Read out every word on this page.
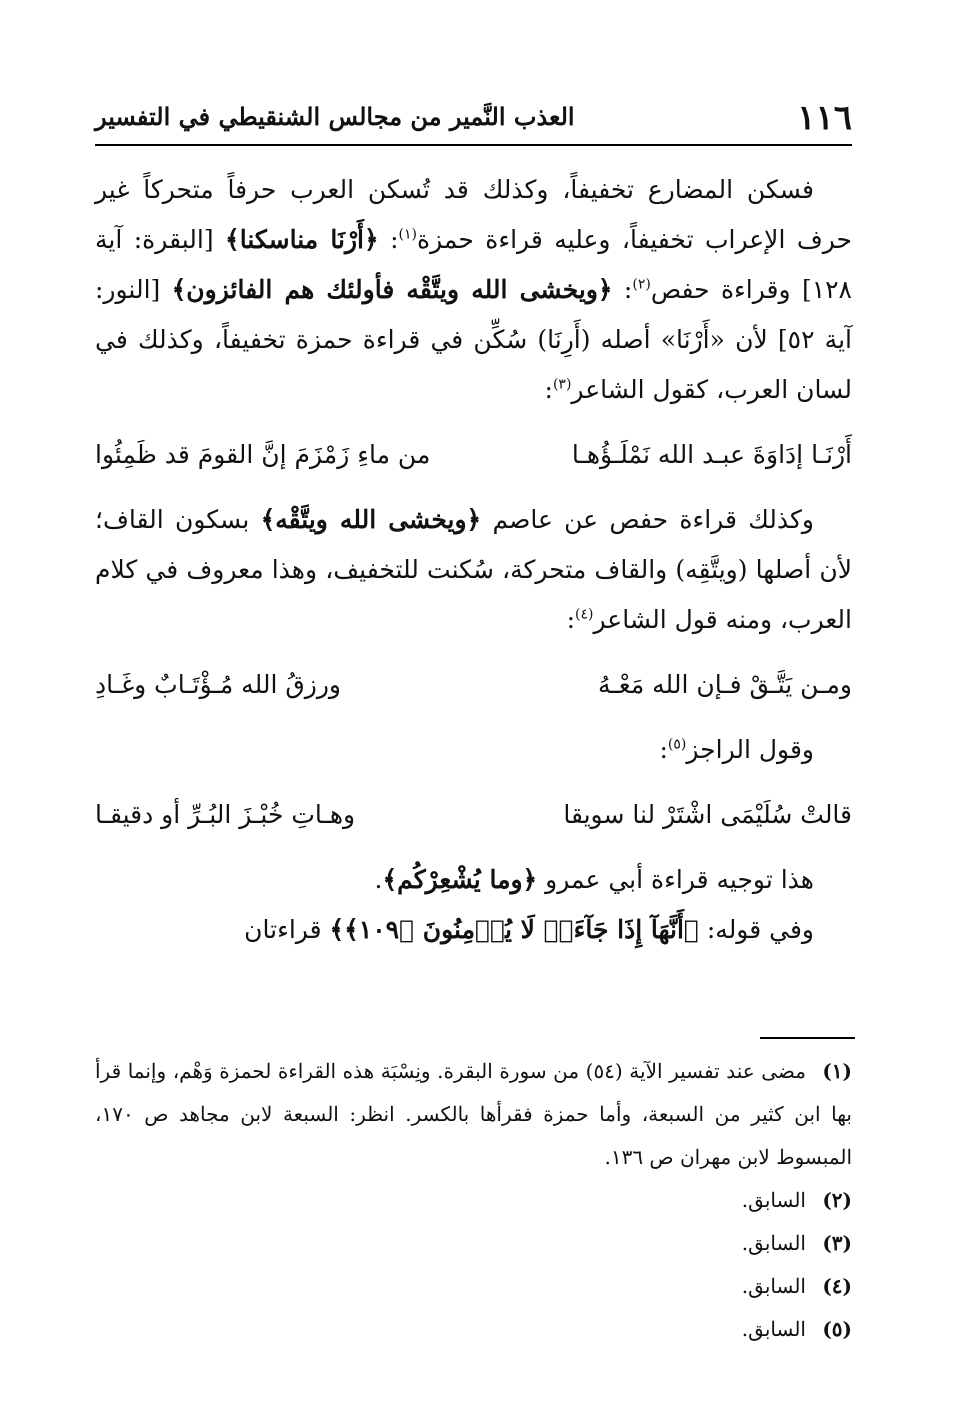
١١٦
العذب النَّمير من مجالس الشنقيطي في التفسير

فسكن المضارع تخفيفاً، وكذلك قد تُسكن العرب حرفاً متحركاً غير حرف الإعراب تخفيفاً، وعليه قراءة حمزة$^{(١)}$: ﴿أَرْنَا مناسكنا﴾ [البقرة: آية ١٢٨] وقراءة حفص$^{(٢)}$: ﴿ويخشى الله ويتَّقْه فأولئك هم الفائزون﴾ [النور: آية ٥٢] لأن «أَرْنَا» أصله (أَرِنَا) سُكِّن في قراءة حمزة تخفيفاً، وكذلك في لسان العرب، كقول الشاعر$^{(٣)}$:

أَرْنَـا إدَاوَةَ عبـد الله نَمْلَـؤُهـا
من ماءِ زَمْزَمَ إنَّ القومَ قد ظَمِئُوا

وكذلك قراءة حفص عن عاصم ﴿ويخشى الله ويتَّقْه﴾ بسكون القاف؛ لأن أصلها (ويتَّقِه) والقاف متحركة، سُكنت للتخفيف، وهذا معروف في كلام العرب، ومنه قول الشاعر$^{(٤)}$:

ومـن يَتَّـقْ فـإن الله مَعْـهُ
ورزقُ الله مُـؤْتَـابٌ وغَـادِ

وقول الراجز$^{(٥)}$:

قالتْ سُلَيْمَى اشْتَرْ لنا سويقا
وهـاتِ خُبْـزَ البُـرِّ أو دقيقـا

هذا توجيه قراءة أبي عمرو ﴿وما يُشْعِرْكُم﴾.

وفي قوله: ﴿أَنَّهَآ إِذَا جَآءَتۡ لَا يُؤۡمِنُونَ ﴿١٠٩﴾﴾ قراءتان

(١)مضى عند تفسير الآية (٥٤) من سورة البقرة. ونِسْبَة هذه القراءة لحمزة وَهْم، وإنما قرأ بها ابن كثير من السبعة، وأما حمزة فقرأها بالكسر. انظر: السبعة لابن مجاهد ص ١٧٠، المبسوط لابن مهران ص ١٣٦.

(٢)السابق.

(٣)السابق.

(٤)السابق.

(٥)السابق.
